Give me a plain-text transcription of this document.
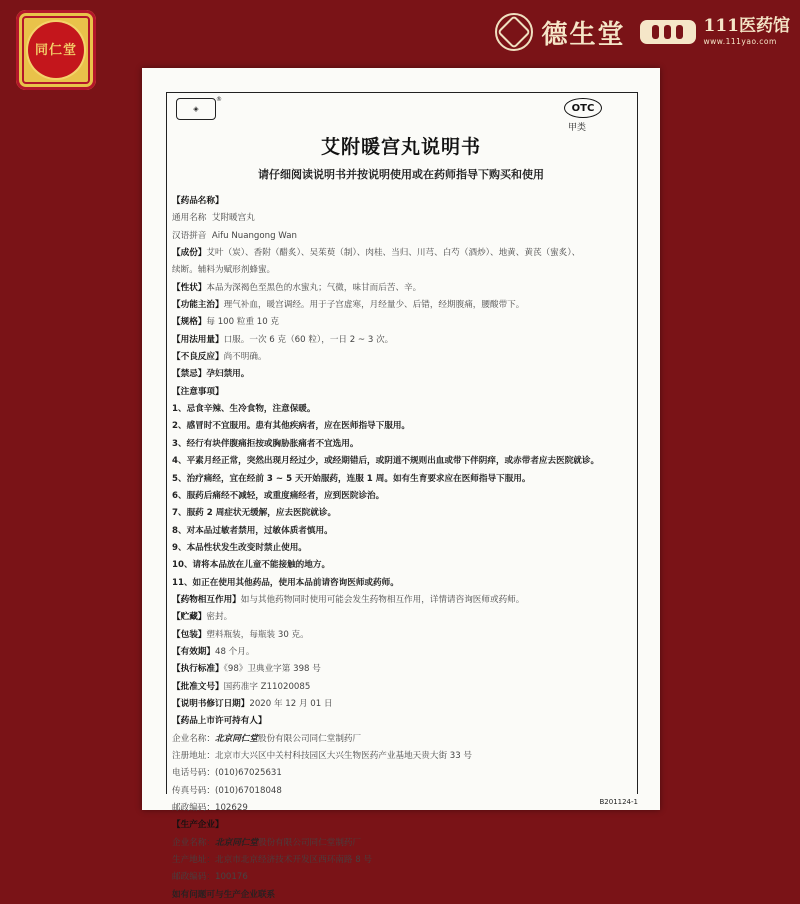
同仁堂
德生堂	111医药馆
www.111yao.com
◈
®
OTC
甲类
艾附暖宫丸说明书
请仔细阅读说明书并按说明使用或在药师指导下购买和使用
【药品名称】
通用名称 艾附暖宫丸
汉语拼音 Aifu Nuangong Wan
【成份】艾叶（炭）、香附（醋炙）、吴茱萸（制）、肉桂、当归、川芎、白芍（酒炒）、地黄、黄芪（蜜炙）、
续断。辅料为赋形剂蜂蜜。
【性状】本品为深褐色至黑色的水蜜丸；气微，味甘而后苦、辛。
【功能主治】理气补血，暖宫调经。用于子宫虚寒，月经量少、后错，经期腹痛，腰酸带下。
【规格】每 100 粒重 10 克
【用法用量】口服。一次 6 克（60 粒），一日 2 ~ 3 次。
【不良反应】尚不明确。
【禁忌】孕妇禁用。
【注意事项】
1、忌食辛辣、生冷食物，注意保暖。
2、感冒时不宜服用。患有其他疾病者，应在医师指导下服用。
3、经行有块伴腹痛拒按或胸胁胀痛者不宜选用。
4、平素月经正常，突然出现月经过少，或经期错后，或阴道不规则出血或带下伴阴痒，或赤带者应去医院就诊。
5、治疗痛经，宜在经前 3 ~ 5 天开始服药，连服 1 周。如有生育要求应在医师指导下服用。
6、服药后痛经不减轻，或重度痛经者，应到医院诊治。
7、服药 2 周症状无缓解，应去医院就诊。
8、对本品过敏者禁用，过敏体质者慎用。
9、本品性状发生改变时禁止使用。
10、请将本品放在儿童不能接触的地方。
11、如正在使用其他药品，使用本品前请咨询医师或药师。
【药物相互作用】如与其他药物同时使用可能会发生药物相互作用，详情请咨询医师或药师。
【贮藏】密封。
【包装】塑料瓶装，每瓶装 30 克。
【有效期】48 个月。
【执行标准】《98》卫典业字第 398 号
【批准文号】国药准字 Z11020085
【说明书修订日期】2020 年 12 月 01 日
【药品上市许可持有人】
企业名称：北京同仁堂股份有限公司同仁堂制药厂
注册地址：北京市大兴区中关村科技园区大兴生物医药产业基地天贵大街 33 号
电话号码：(010)67025631
传真号码：(010)67018048
邮政编码：102629
【生产企业】
企业名称：北京同仁堂股份有限公司同仁堂制药厂
生产地址：北京市北京经济技术开发区西环南路 8 号
邮政编码：100176
如有问题可与生产企业联系
B201124-1
